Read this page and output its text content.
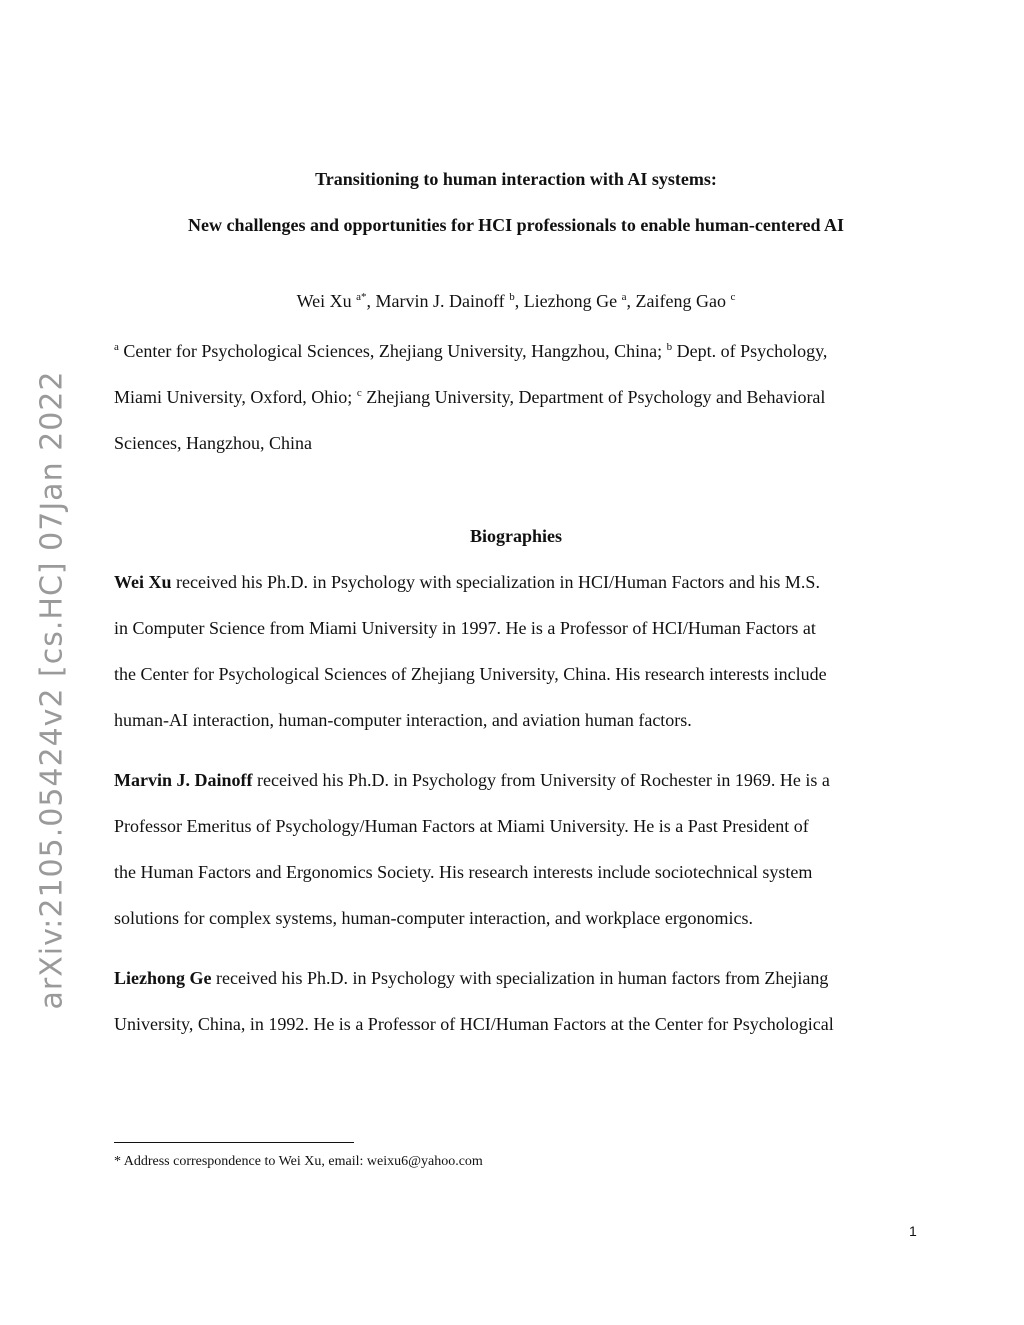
arXiv:2105.05424v2 [cs.HC] 07Jan 2022
Transitioning to human interaction with AI systems:
New challenges and opportunities for HCI professionals to enable human-centered AI
Wei Xu $^{a*}$, Marvin J. Dainoff $^b$, Liezhong Ge $^a$, Zaifeng Gao $^c$
$^a$ Center for Psychological Sciences, Zhejiang University, Hangzhou, China; $^b$ Dept. of Psychology,
Miami University, Oxford, Ohio; $^c$ Zhejiang University, Department of Psychology and Behavioral
Sciences, Hangzhou, China
Biographies
Wei Xu received his Ph.D. in Psychology with specialization in HCI/Human Factors and his M.S.
in Computer Science from Miami University in 1997. He is a Professor of HCI/Human Factors at
the Center for Psychological Sciences of Zhejiang University, China. His research interests include
human-AI interaction, human-computer interaction, and aviation human factors.
Marvin J. Dainoff received his Ph.D. in Psychology from University of Rochester in 1969. He is a
Professor Emeritus of Psychology/Human Factors at Miami University. He is a Past President of
the Human Factors and Ergonomics Society. His research interests include sociotechnical system
solutions for complex systems, human-computer interaction, and workplace ergonomics.
Liezhong Ge received his Ph.D. in Psychology with specialization in human factors from Zhejiang
University, China, in 1992. He is a Professor of HCI/Human Factors at the Center for Psychological
* Address correspondence to Wei Xu, email: weixu6@yahoo.com
1
